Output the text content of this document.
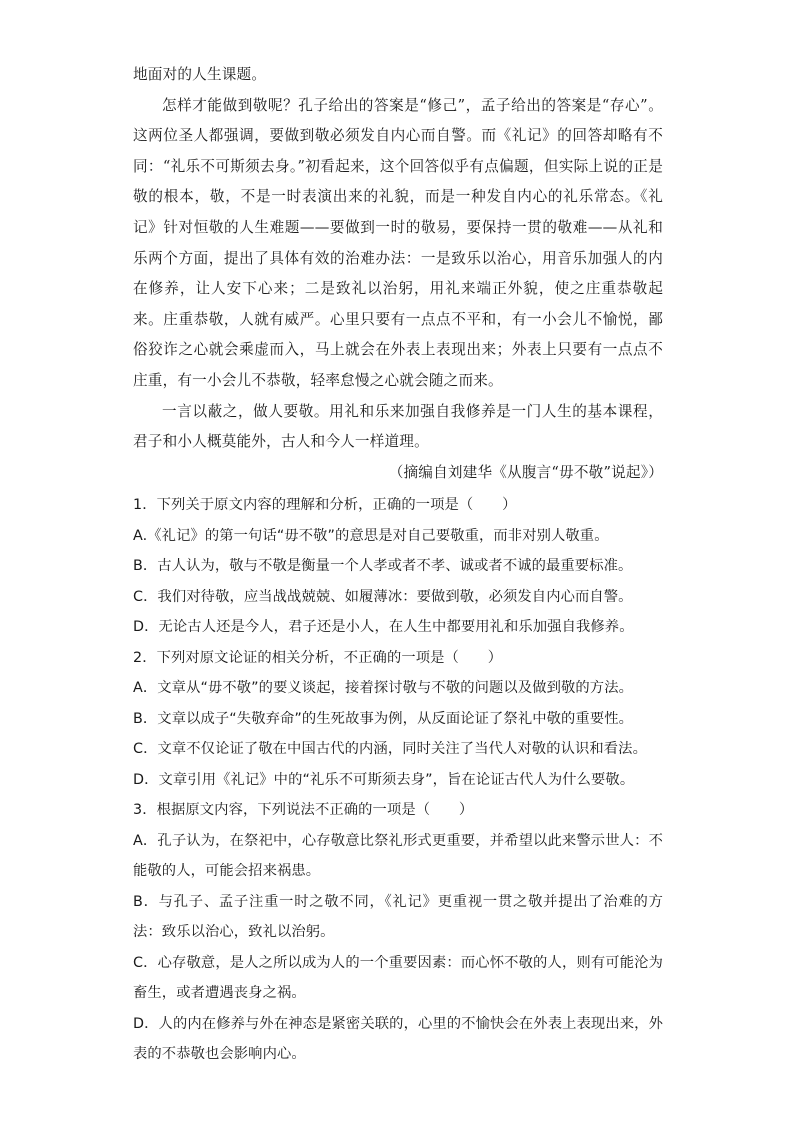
地面对的人生课题。

怎样才能做到敬呢？孔子给出的答案是“修己”，孟子给出的答案是“存心”。这两位圣人都强调，要做到敬必须发自内心而自警。而《礼记》的回答却略有不同：“礼乐不可斯须去身。”初看起来，这个回答似乎有点偏题，但实际上说的正是敬的根本，敬，不是一时表演出来的礼貌，而是一种发自内心的礼乐常态。《礼记》针对恒敬的人生难题——要做到一时的敬易，要保持一贯的敬难——从礼和乐两个方面，提出了具体有效的治难办法：一是致乐以治心，用音乐加强人的内在修养，让人安下心来；二是致礼以治躬，用礼来端正外貌，使之庄重恭敬起来。庄重恭敬，人就有威严。心里只要有一点点不平和，有一小会儿不愉悦，鄙俗狡诈之心就会乘虚而入，马上就会在外表上表现出来；外表上只要有一点点不庄重，有一小会儿不恭敬，轻率怠慢之心就会随之而来。

一言以蔽之，做人要敬。用礼和乐来加强自我修养是一门人生的基本课程，君子和小人概莫能外，古人和今人一样道理。

（摘编自刘建华《从腹言“毋不敬”说起》）

1．下列关于原文内容的理解和分析，正确的一项是（　　）

A.《礼记》的第一句话“毋不敬”的意思是对自己要敬重，而非对别人敬重。

B．古人认为，敬与不敬是衡量一个人孝或者不孝、诚或者不诚的最重要标准。

C．我们对待敬，应当战战兢兢、如履薄冰：要做到敬，必须发自内心而自警。

D．无论古人还是今人，君子还是小人，在人生中都要用礼和乐加强自我修养。

2．下列对原文论证的相关分析，不正确的一项是（　　）

A．文章从“毋不敬”的要义谈起，接着探讨敬与不敬的问题以及做到敬的方法。

B．文章以成子“失敬弃命”的生死故事为例，从反面论证了祭礼中敬的重要性。

C．文章不仅论证了敬在中国古代的内涵，同时关注了当代人对敬的认识和看法。

D．文章引用《礼记》中的“礼乐不可斯须去身”，旨在论证古代人为什么要敬。

3．根据原文内容，下列说法不正确的一项是（　　）

A．孔子认为，在祭祀中，心存敬意比祭礼形式更重要，并希望以此来警示世人：不能敬的人，可能会招来祸患。

B．与孔子、孟子注重一时之敬不同，《礼记》更重视一贯之敬并提出了治难的方法：致乐以治心，致礼以治躬。

C．心存敬意，是人之所以成为人的一个重要因素：而心怀不敬的人，则有可能沦为畜生，或者遭遇丧身之祸。

D．人的内在修养与外在神态是紧密关联的，心里的不愉快会在外表上表现出来，外表的不恭敬也会影响内心。
